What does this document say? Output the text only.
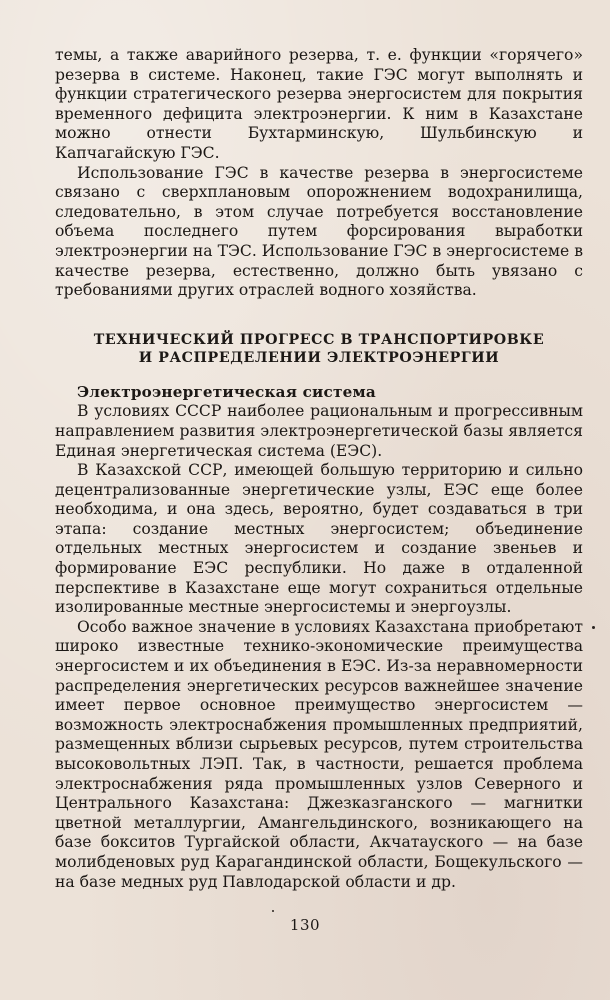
темы, а также аварийного резерва, т. е. функции «горячего» резерва в системе. Наконец, такие ГЭС могут выполнять и функции стратегического резерва энергосистем для покрытия временного дефицита электроэнергии. К ним в Казахстане можно отнести Бухтарминскую, Шульбинскую и Капчагайскую ГЭС.

Использование ГЭС в качестве резерва в энергосистеме связано с сверхплановым опорожнением водохранилища, следовательно, в этом случае потребуется восстановление объема последнего путем форсирования выработки электроэнергии на ТЭС. Использование ГЭС в энергосистеме в качестве резерва, естественно, должно быть увязано с требованиями других отраслей водного хозяйства.

ТЕХНИЧЕСКИЙ ПРОГРЕСС В ТРАНСПОРТИРОВКЕ
И РАСПРЕДЕЛЕНИИ ЭЛЕКТРОЭНЕРГИИ
Электроэнергетическая система

В условиях СССР наиболее рациональным и прогрессивным направлением развития электроэнергетической базы является Единая энергетическая система (ЕЭС).

В Казахской ССР, имеющей большую территорию и сильно децентрализованные энергетические узлы, ЕЭС еще более необходима, и она здесь, вероятно, будет создаваться в три этапа: создание местных энергосистем; объединение отдельных местных энергосистем и создание звеньев и формирование ЕЭС республики. Но даже в отдаленной перспективе в Казахстане еще могут сохраниться отдельные изолированные местные энергосистемы и энергоузлы.

Особо важное значение в условиях Казахстана приобретают широко известные технико-экономические преимущества энергосистем и их объединения в ЕЭС. Из-за неравномерности распределения энергетических ресурсов важнейшее значение имеет первое основное преимущество энергосистем — возможность электроснабжения промышленных предприятий, размещенных вблизи сырьевых ресурсов, путем строительства высоковольтных ЛЭП. Так, в частности, решается проблема электроснабжения ряда промышленных узлов Северного и Центрального Казахстана: Джезказганского — магнитки цветной металлургии, Амангельдинского, возникающего на базе бокситов Тургайской области, Акчатауского — на базе молибденовых руд Карагандинской области, Бощекульского — на базе медных руд Павлодарской области и др.

130
